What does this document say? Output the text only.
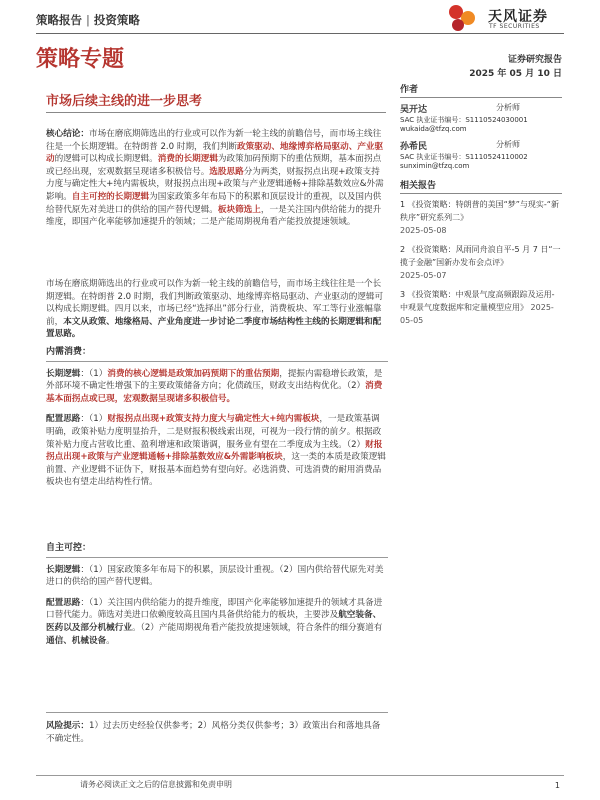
策略报告 | 投资策略	天风证券
TF SECURITIES
策略专题
市场后续主线的进一步思考
证券研究报告
2025 年 05 月 10 日
作者
吴开达	分析师
SAC 执业证书编号：S1110524030001
wukaida@tfzq.com
孙希民	分析师
SAC 执业证书编号：S1110524110002
sunximin@tfzq.com
相关报告
1 《投资策略：特朗普的美国“梦”与现实-“新秩序”研究系列二》
2025-05-08
2 《投资策略：风雨同舟浪自平-5 月 7 日“一揽子金融”国新办发布会点评》
2025-05-07
3 《投资策略：中观景气度高频跟踪及运用-中观景气度数据库和定量模型应用》 2025-05-05

核心结论：市场在磨底期筛选出的行业或可以作为新一轮主线的前瞻信号，而市场主线往往是一个长期逻辑。在特朗普 2.0 时期，我们判断政策驱动、地缘博弈格局驱动、产业驱动的逻辑可以构成长期逻辑。消费的长期逻辑为政策加码预期下的重估预期，基本面拐点或已经出现，宏观数据呈现诸多积极信号。选股思路分为两类，财报拐点出现+政策支持力度与确定性大+纯内需板块，财报拐点出现+政策与产业逻辑通畅+排除基数效应&外需影响。自主可控的长期逻辑为国家政策多年布局下的积累和顶层设计的重视，以及国内供给替代原先对美进口的供给的国产替代逻辑。板块筛选上，一是关注国内供给能力的提升维度，即国产化率能够加速提升的领域；二是产能周期视角看产能投放提速领域。

市场在磨底期筛选出的行业或可以作为新一轮主线的前瞻信号，而市场主线往往是一个长期逻辑。在特朗普 2.0 时期，我们判断政策驱动、地缘博弈格局驱动、产业驱动的逻辑可以构成长期逻辑。四月以来，市场已经“选择出”部分行业，消费板块、军工等行业涨幅靠前，本文从政策、地缘格局、产业角度进一步讨论二季度市场结构性主线的长期逻辑和配置思路。

内需消费：

长期逻辑：（1）消费的核心逻辑是政策加码预期下的重估预期，提振内需稳增长政策，是外部环境不确定性增强下的主要政策储备方向；化债疏压，财政支出结构优化。（2）消费基本面拐点或已现，宏观数据呈现诸多积极信号。

配置思路：（1）财报拐点出现+政策支持力度大与确定性大+纯内需板块，一是政策基调明确，政策补贴力度明显抬升，二是财报积极线索出现，可视为一段行情的前夕。根据政策补贴力度占营收比重、盈利增速和政策谐调，服务业有望在二季度成为主线。（2）财报拐点出现+政策与产业逻辑通畅+排除基数效应&外需影响板块，这一类的本质是政策逻辑前置、产业逻辑不证伪下，财报基本面趋势有望向好。必选消费、可选消费的耐用消费品板块也有望走出结构性行情。

自主可控：

长期逻辑：（1）国家政策多年布局下的积累，顶层设计重视。（2）国内供给替代原先对美进口的供给的国产替代逻辑。

配置思路：（1）关注国内供给能力的提升维度，即国产化率能够加速提升的领域才具备进口替代能力。筛选对美进口依赖度较高且国内具备供给能力的板块，主要涉及航空装备、医药以及部分机械行业。（2）产能周期视角看产能投放提速领域，符合条件的细分赛道有通信、机械设备。

风险提示：1）过去历史经验仅供参考；2）风格分类仅供参考；3）政策出台和落地具备不确定性。

请务必阅读正文之后的信息披露和免责申明	1
